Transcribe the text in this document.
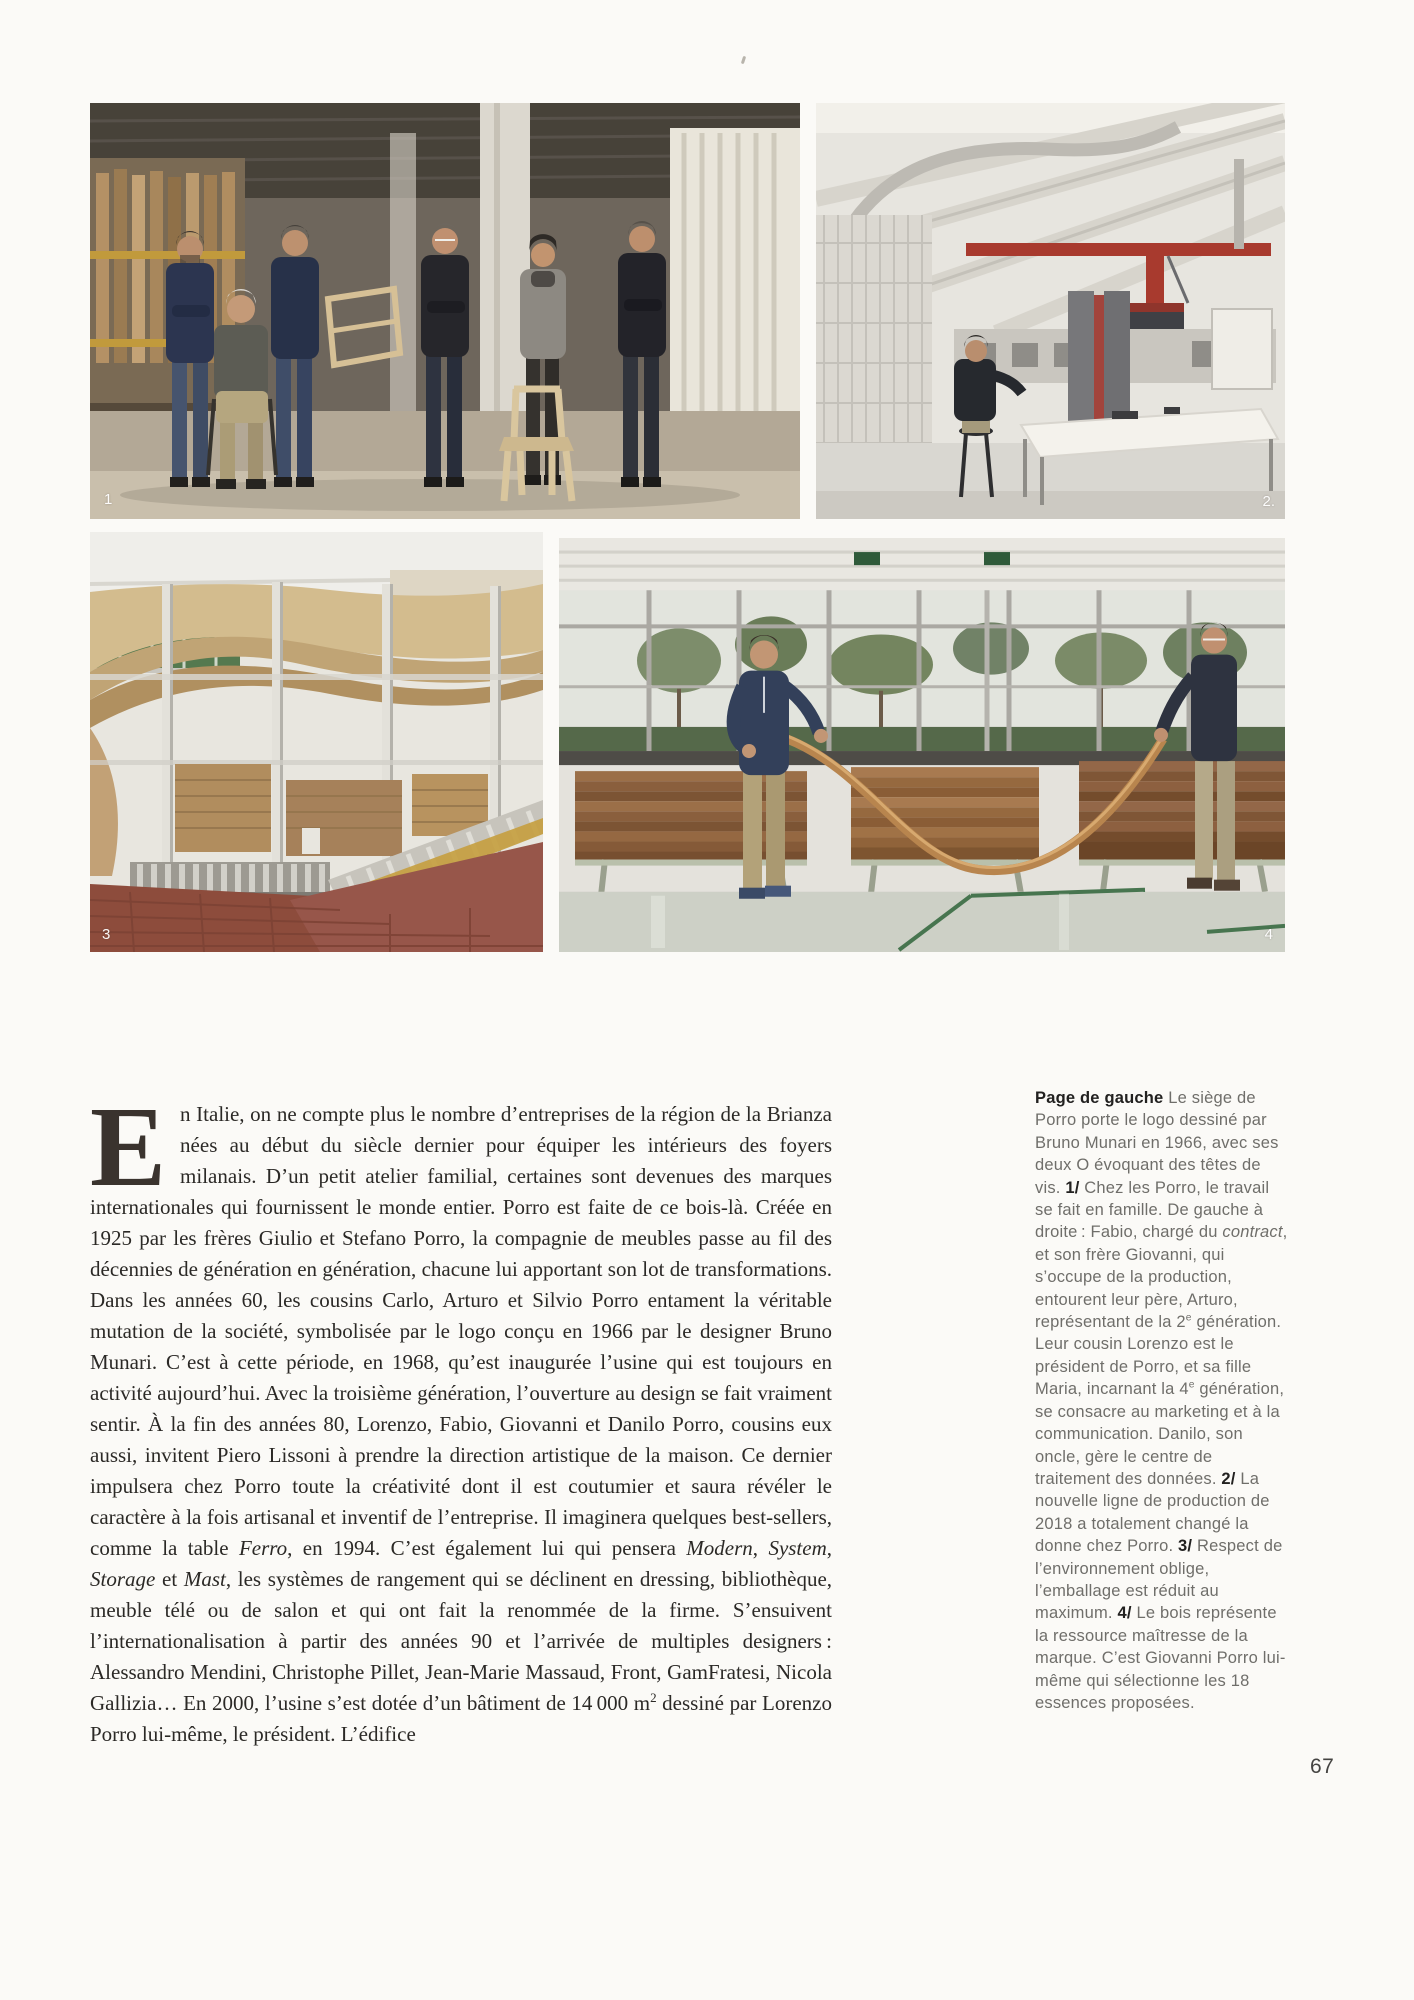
1	2.
3	4

En Italie, on ne compte plus le nombre d’entreprises de la région de la Brianza nées au début du siècle dernier pour équiper les intérieurs des foyers milanais. D’un petit atelier familial, certaines sont devenues des marques internationales qui fournissent le monde entier. Porro est faite de ce bois-là. Créée en 1925 par les frères Giulio et Stefano Porro, la compagnie de meubles passe au fil des décennies de génération en génération, chacune lui apportant son lot de transformations. Dans les années 60, les cousins Carlo, Arturo et Silvio Porro entament la véritable mutation de la société, symbolisée par le logo conçu en 1966 par le designer Bruno Munari. C’est à cette période, en 1968, qu’est inaugurée l’usine qui est toujours en activité aujourd’hui. Avec la troisième génération, l’ouverture au design se fait vraiment sentir. À la fin des années 80, Lorenzo, Fabio, Giovanni et Danilo Porro, cousins eux aussi, invitent Piero Lissoni à prendre la direction artistique de la maison. Ce dernier impulsera chez Porro toute la créativité dont il est coutumier et saura révéler le caractère à la fois artisanal et inventif de l’entreprise. Il imaginera quelques best-sellers, comme la table Ferro, en 1994. C’est également lui qui pensera Modern, System, Storage et Mast, les systèmes de rangement qui se déclinent en dressing, bibliothèque, meuble télé ou de salon et qui ont fait la renommée de la firme. S’ensuivent l’internationalisation à partir des années 90 et l’arrivée de multiples designers : Alessandro Mendini, Christophe Pillet, Jean-Marie Massaud, Front, GamFratesi, Nicola Gallizia… En 2000, l’usine s’est dotée d’un bâtiment de 14 000 $m^2$ dessiné par Lorenzo Porro lui-même, le président. L’édifice

Page de gauche Le siège de Porro porte le logo dessiné par Bruno Munari en 1966, avec ses deux O évoquant des têtes de vis. 1/ Chez les Porro, le travail se fait en famille. De gauche à droite : Fabio, chargé du contract, et son frère Giovanni, qui s’occupe de la production, entourent leur père, Arturo, représentant de la 2e génération. Leur cousin Lorenzo est le président de Porro, et sa fille Maria, incarnant la 4e génération, se consacre au marketing et à la communication. Danilo, son oncle, gère le centre de traitement des données. 2/ La nouvelle ligne de production de 2018 a totalement changé la donne chez Porro. 3/ Respect de l’environnement oblige, l’emballage est réduit au maximum. 4/ Le bois représente la ressource maîtresse de la marque. C’est Giovanni Porro lui-même qui sélectionne les 18 essences proposées.
67
